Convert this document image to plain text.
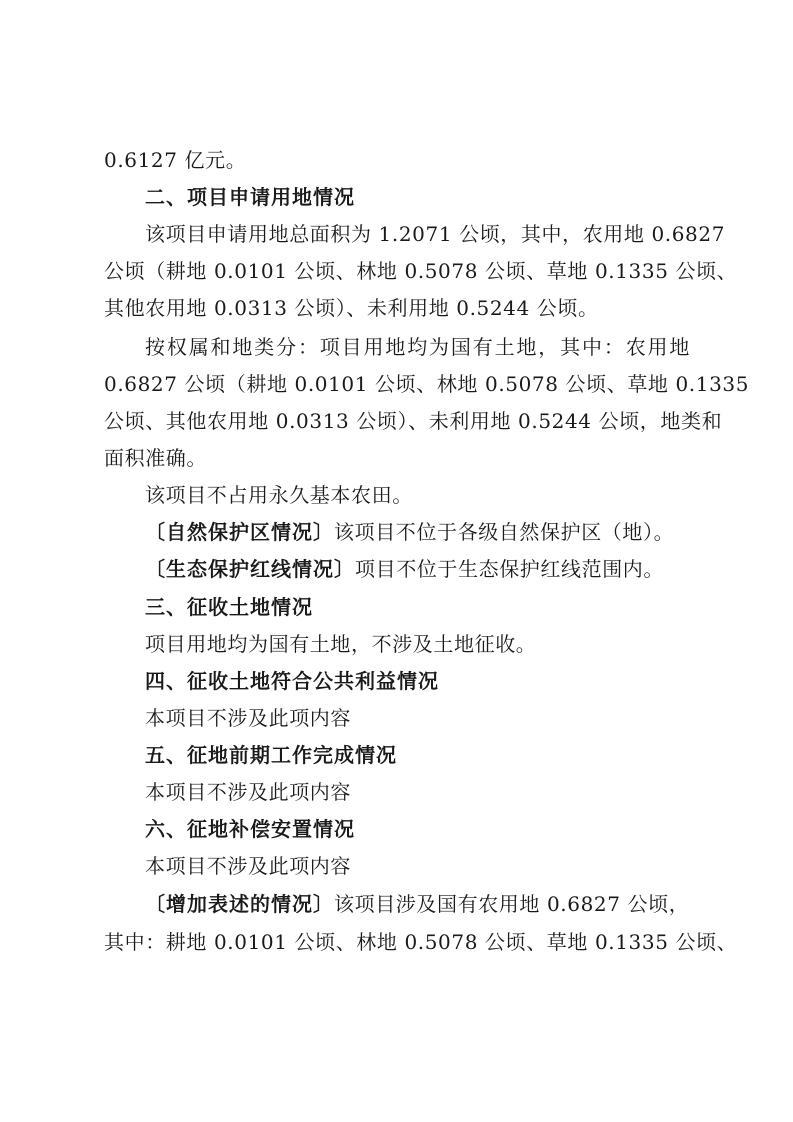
0.6127 亿元。
二、项目申请用地情况
该项目申请用地总面积为 1.2071 公顷，其中，农用地 0.6827
公顷（耕地 0.0101 公顷、林地 0.5078 公顷、草地 0.1335 公顷、
其他农用地 0.0313 公顷）、未利用地 0.5244 公顷。
按权属和地类分：项目用地均为国有土地，其中：农用地
0.6827 公顷（耕地 0.0101 公顷、林地 0.5078 公顷、草地 0.1335
公顷、其他农用地 0.0313 公顷）、未利用地 0.5244 公顷，地类和
面积准确。
该项目不占用永久基本农田。
〔自然保护区情况〕该项目不位于各级自然保护区（地）。
〔生态保护红线情况〕项目不位于生态保护红线范围内。
三、征收土地情况
项目用地均为国有土地，不涉及土地征收。
四、征收土地符合公共利益情况
本项目不涉及此项内容
五、征地前期工作完成情况
本项目不涉及此项内容
六、征地补偿安置情况
本项目不涉及此项内容
〔增加表述的情况〕该项目涉及国有农用地 0.6827 公顷，
其中：耕地 0.0101 公顷、林地 0.5078 公顷、草地 0.1335 公顷、
